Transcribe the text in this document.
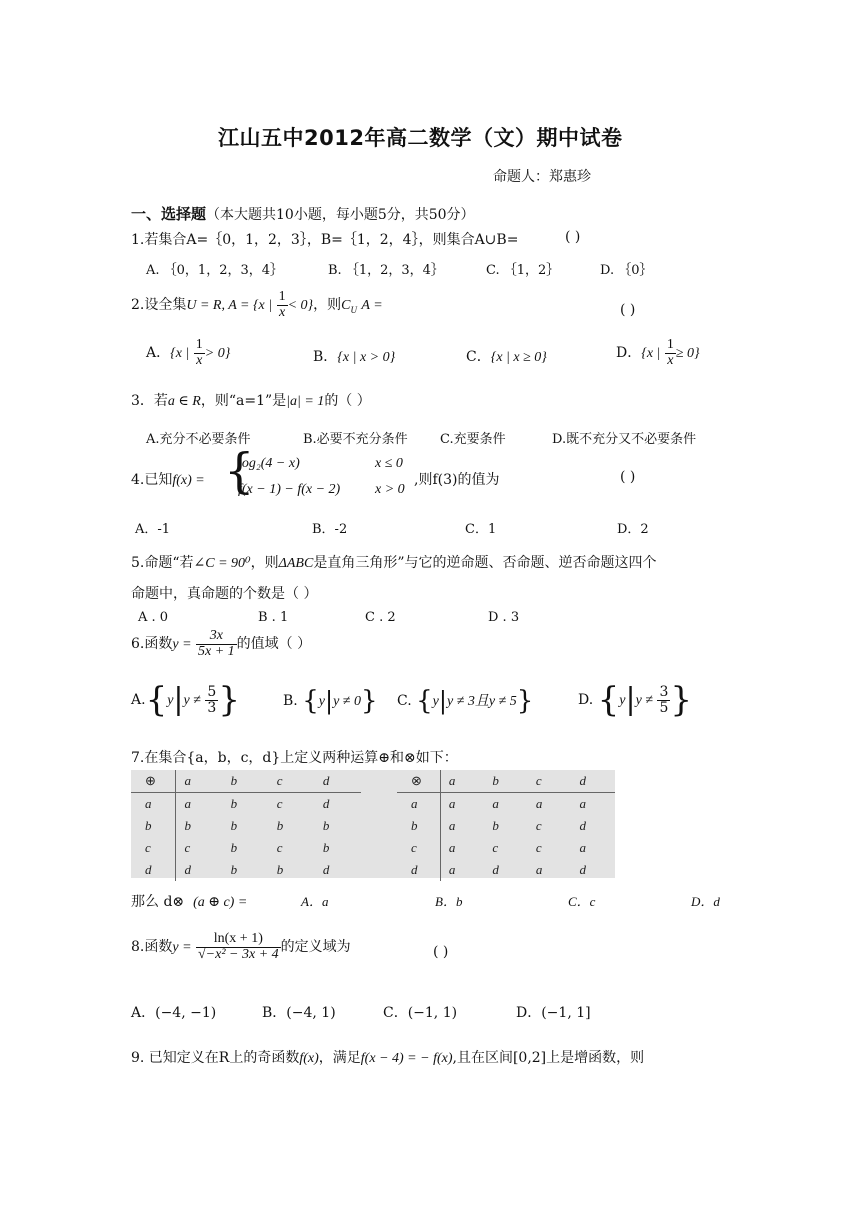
江山五中2012年高二数学（文）期中试卷
命题人：郑惠珍
一、选择题（本大题共10小题，每小题5分，共50分）
1.若集合A=｛0，1，2，3｝，B=｛1，2，4｝，则集合A∪B=	( )
A. ｛0，1，2，3，4｝	B. ｛1，2，3，4｝	C. ｛1，2｝	D. ｛0｝
2.设全集U = R, A = {x | $\frac{1}{x} < 0$}，则$C_U$ A =	( )
A．{x | $\frac{1}{x} > 0$}	B．{x | x > 0}	C．{x | x ≥ 0}	D．{x | $\frac{1}{x} \ge 0$}
3．若a ∈ R，则“a=1”是|a| = 1的（ ）
A.充分不必要条件	B.必要不充分条件 C.充要条件	D.既不充分又不必要条件
4.已知f(x) = {
log₂(4 − x)	x ≤ 0
f(x − 1) − f(x − 2) x > 0
,则f(3)的值为	( )
A．-1	B．-2	C．1	D．2
5.命题“若∠C = 90⁰，则ΔABC是直角三角形”与它的逆命题、否命题、逆否命题这四个
命题中，真命题的个数是（ ）
A . 0	B . 1	C . 2	D . 3
6.函数$y = \frac{3x}{5x + 1}$ 的值域（ ）
$A.\{y|y \ne \frac{5}{3}$ }	B. {y|y ≠ 0} C. {y|y ≠ 3且y ≠ 5}	D. {$y|y \ne \frac{3}{5}$ }
7.在集合{a，b，c，d}上定义两种运算⊕和⊗如下：
⊕	a	b	c	d
a	a	b	c	d
b	b	b	b	b
c	c	b	c	b
d	d	b	b	d
⊗	a	b	c	d
a	a	a	a	a
b	a	b	c	d
c	a	c	c	a
d	a	d	a	d
那么 d⊗ (a ⊕ c) =	A．a	B．b	C．c	D．d
8.函数$y = \frac{\ln(x + 1)}{\text{√−x² − 3x + 4}}$ 的定义域为	( )
A．(−4, −1)	B．(−4, 1)	C．(−1, 1)	D．(−1, 1]
9. 已知定义在R上的奇函数f(x)，满足f(x − 4) = − f(x),且在区间[0,2]上是增函数，则
